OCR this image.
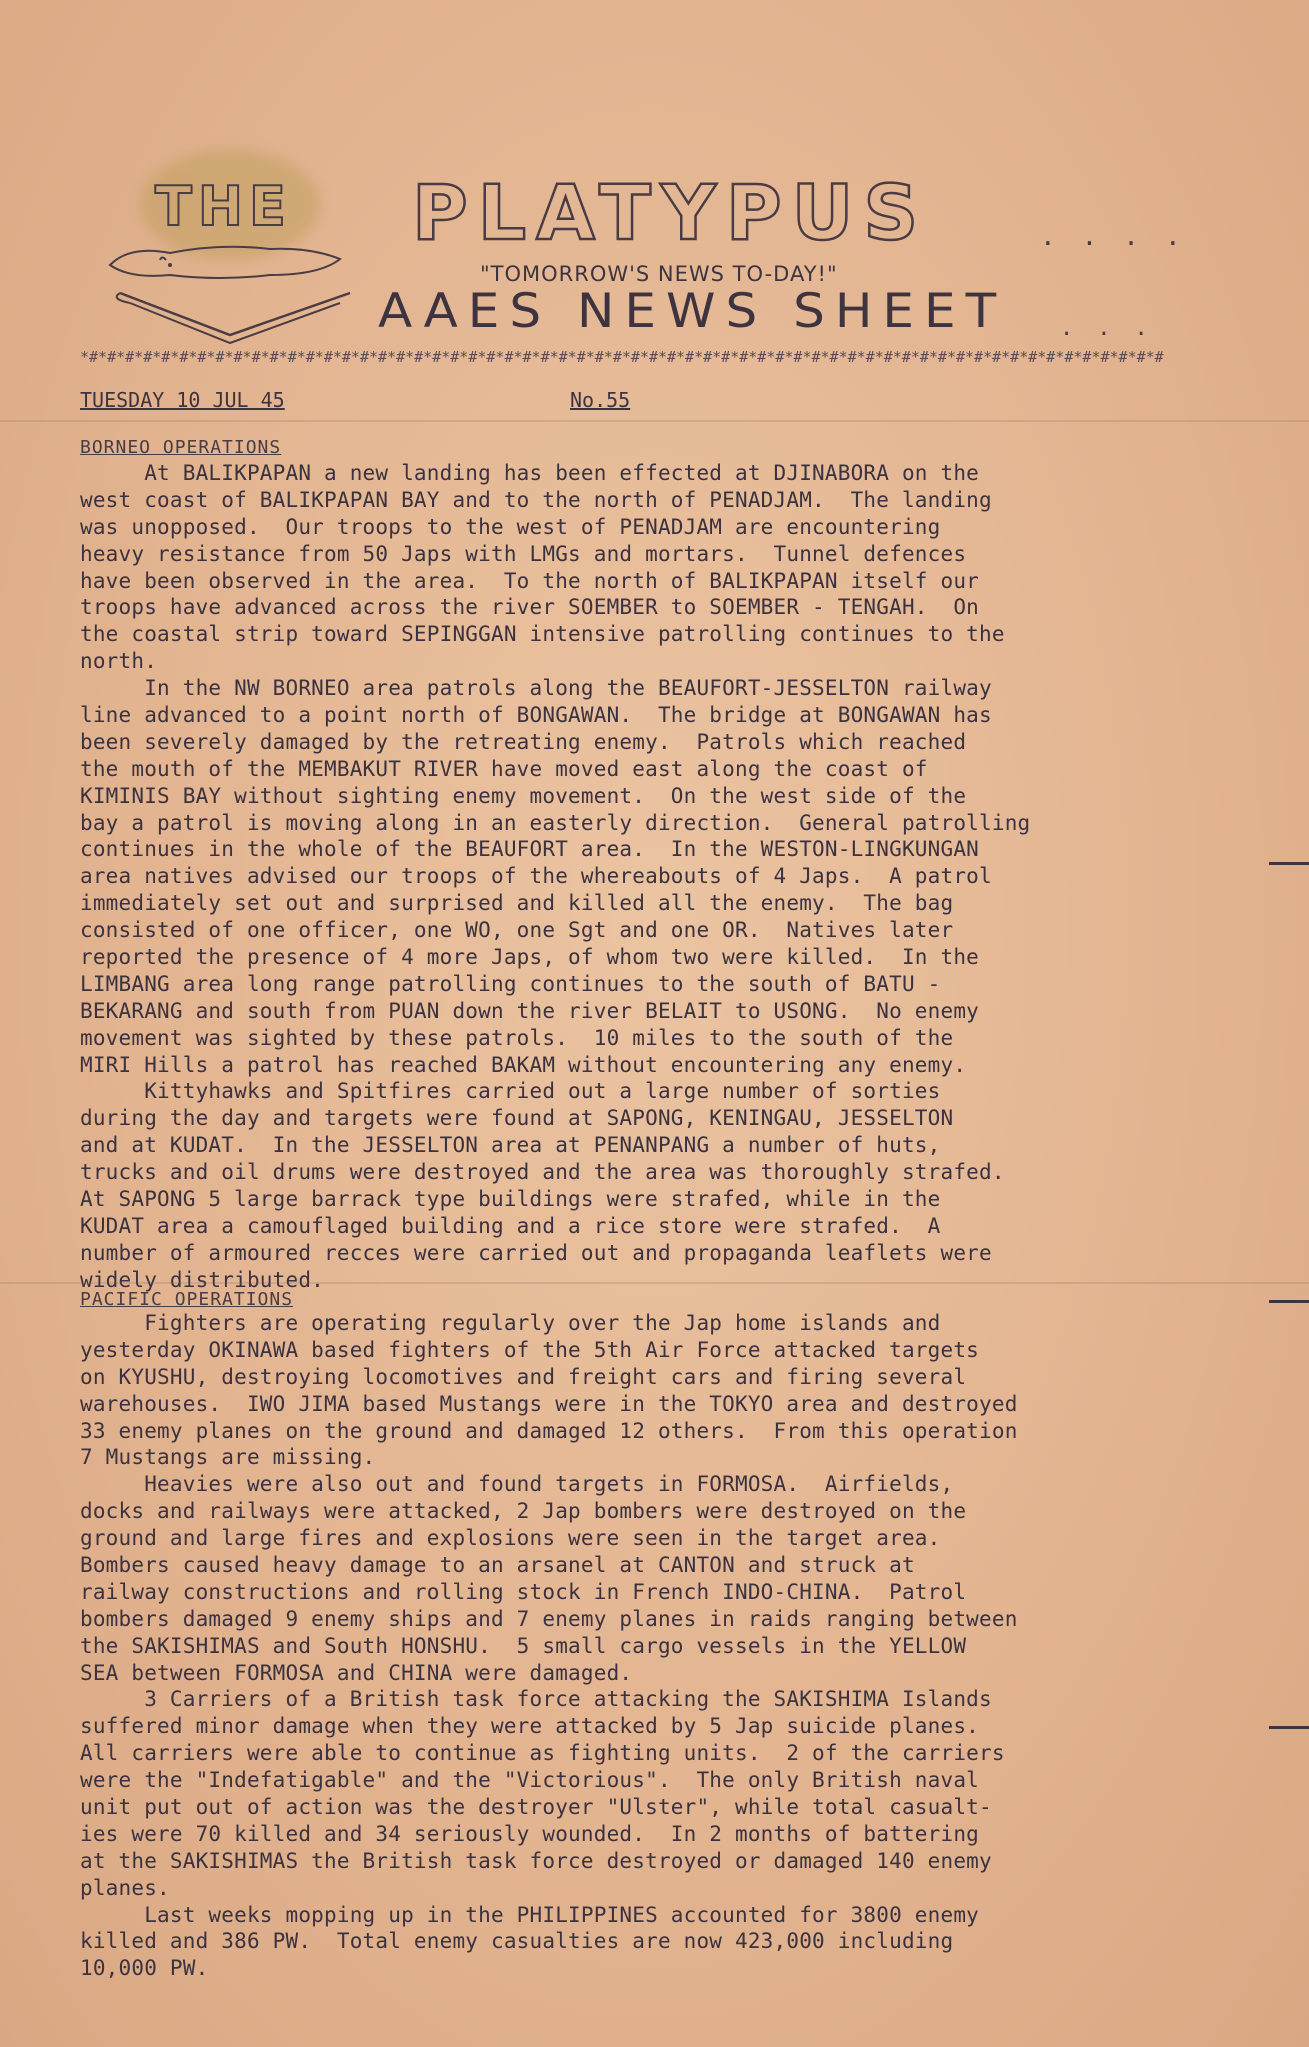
THE PLATYPUS	....
"TOMORROW'S NEWS TO-DAY!"
AAES NEWS SHEET ...
*#*#*#*#*#*#*#*#*#*#*#*#*#*#*#*#*#*#*#*#*#*#*#*#*#*#*#*#*#*#*#*#*#*#*#*#*#*#*#*#*#*#*#*#*#*#*#*#*#*#*#*#*#*#*#*#*#*#*#*#
TUESDAY 10 JUL 45	No.55
BORNEO OPERATIONS
At BALIKPAPAN a new landing has been effected at DJINABORA on the
west coast of BALIKPAPAN BAY and to the north of PENADJAM.  The landing
was unopposed.  Our troops to the west of PENADJAM are encountering
heavy resistance from 50 Japs with LMGs and mortars.  Tunnel defences
have been observed in the area.  To the north of BALIKPAPAN itself our
troops have advanced across the river SOEMBER to SOEMBER - TENGAH.  On
the coastal strip toward SEPINGGAN intensive patrolling continues to the
north.
In the NW BORNEO area patrols along the BEAUFORT-JESSELTON railway
line advanced to a point north of BONGAWAN.  The bridge at BONGAWAN has
been severely damaged by the retreating enemy.  Patrols which reached
the mouth of the MEMBAKUT RIVER have moved east along the coast of
KIMINIS BAY without sighting enemy movement.  On the west side of the
bay a patrol is moving along in an easterly direction.  General patrolling
continues in the whole of the BEAUFORT area.  In the WESTON-LINGKUNGAN
area natives advised our troops of the whereabouts of 4 Japs.  A patrol
immediately set out and surprised and killed all the enemy.  The bag
consisted of one officer, one WO, one Sgt and one OR.  Natives later
reported the presence of 4 more Japs, of whom two were killed.  In the
LIMBANG area long range patrolling continues to the south of BATU -
BEKARANG and south from PUAN down the river BELAIT to USONG.  No enemy
movement was sighted by these patrols.  10 miles to the south of the
MIRI Hills a patrol has reached BAKAM without encountering any enemy.
Kittyhawks and Spitfires carried out a large number of sorties
during the day and targets were found at SAPONG, KENINGAU, JESSELTON
and at KUDAT.  In the JESSELTON area at PENANPANG a number of huts,
trucks and oil drums were destroyed and the area was thoroughly strafed.
At SAPONG 5 large barrack type buildings were strafed, while in the
KUDAT area a camouflaged building and a rice store were strafed.  A
number of armoured recces were carried out and propaganda leaflets were
widely distributed.
PACIFIC OPERATIONS
Fighters are operating regularly over the Jap home islands and
yesterday OKINAWA based fighters of the 5th Air Force attacked targets
on KYUSHU, destroying locomotives and freight cars and firing several
warehouses.  IWO JIMA based Mustangs were in the TOKYO area and destroyed
33 enemy planes on the ground and damaged 12 others.  From this operation
7 Mustangs are missing.
Heavies were also out and found targets in FORMOSA.  Airfields,
docks and railways were attacked, 2 Jap bombers were destroyed on the
ground and large fires and explosions were seen in the target area.
Bombers caused heavy damage to an arsanel at CANTON and struck at
railway constructions and rolling stock in French INDO-CHINA.  Patrol
bombers damaged 9 enemy ships and 7 enemy planes in raids ranging between
the SAKISHIMAS and South HONSHU.  5 small cargo vessels in the YELLOW
SEA between FORMOSA and CHINA were damaged.
3 Carriers of a British task force attacking the SAKISHIMA Islands
suffered minor damage when they were attacked by 5 Jap suicide planes.
All carriers were able to continue as fighting units.  2 of the carriers
were the "Indefatigable" and the "Victorious".  The only British naval
unit put out of action was the destroyer "Ulster", while total casualt-
ies were 70 killed and 34 seriously wounded.  In 2 months of battering
at the SAKISHIMAS the British task force destroyed or damaged 140 enemy
planes.
Last weeks mopping up in the PHILIPPINES accounted for 3800 enemy
killed and 386 PW.  Total enemy casualties are now 423,000 including
10,000 PW.
